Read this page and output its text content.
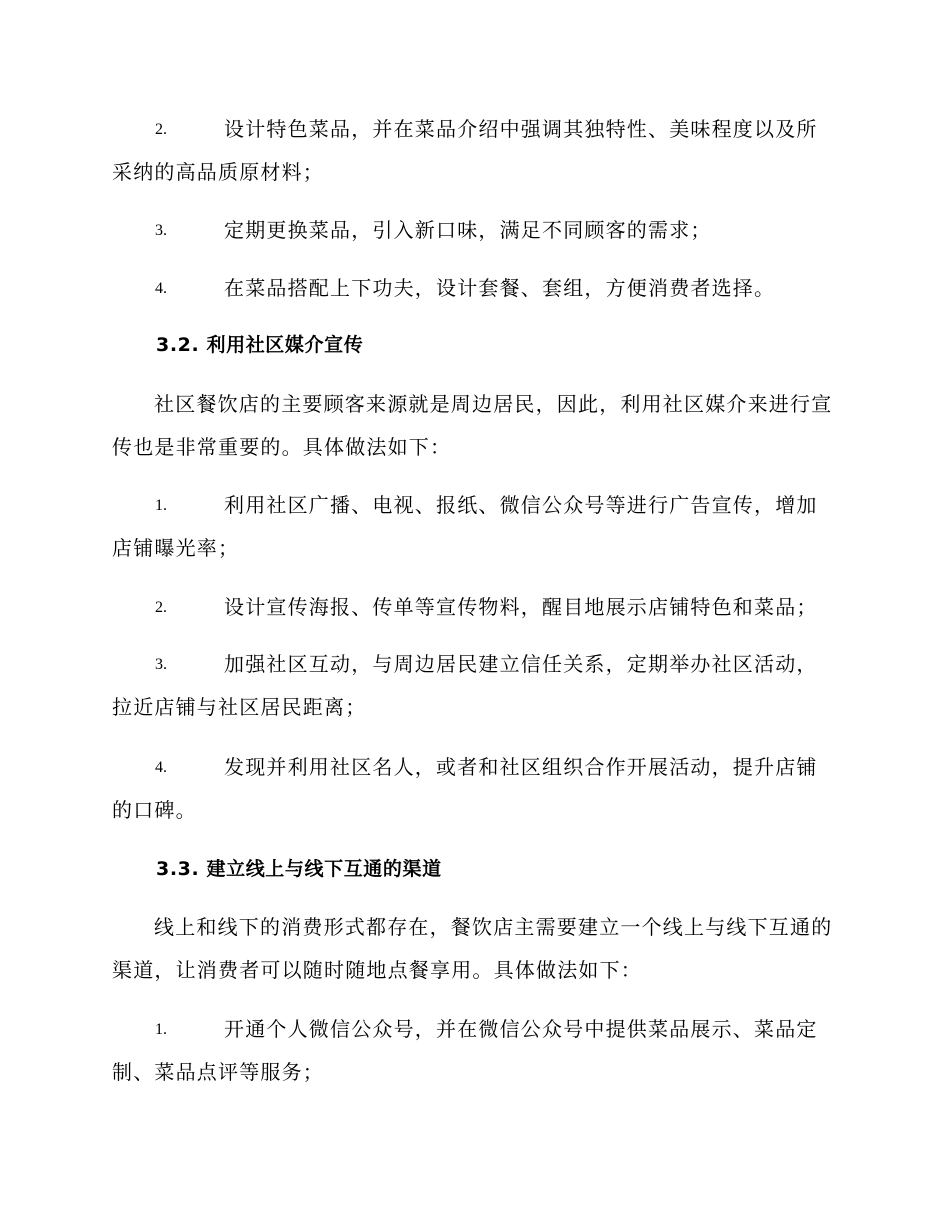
2.	设计特色菜品，并在菜品介绍中强调其独特性、美味程度以及所采纳的高品质原材料；
3.	定期更换菜品，引入新口味，满足不同顾客的需求；
4.	在菜品搭配上下功夫，设计套餐、套组，方便消费者选择。
3.2. 利用社区媒介宣传

社区餐饮店的主要顾客来源就是周边居民，因此，利用社区媒介来进行宣传也是非常重要的。具体做法如下：

1.	利用社区广播、电视、报纸、微信公众号等进行广告宣传，增加店铺曝光率；
2.	设计宣传海报、传单等宣传物料，醒目地展示店铺特色和菜品；
3.	加强社区互动，与周边居民建立信任关系，定期举办社区活动，拉近店铺与社区居民距离；
4.	发现并利用社区名人，或者和社区组织合作开展活动，提升店铺的口碑。
3.3. 建立线上与线下互通的渠道

线上和线下的消费形式都存在，餐饮店主需要建立一个线上与线下互通的渠道，让消费者可以随时随地点餐享用。具体做法如下：

1.	开通个人微信公众号，并在微信公众号中提供菜品展示、菜品定制、菜品点评等服务；
